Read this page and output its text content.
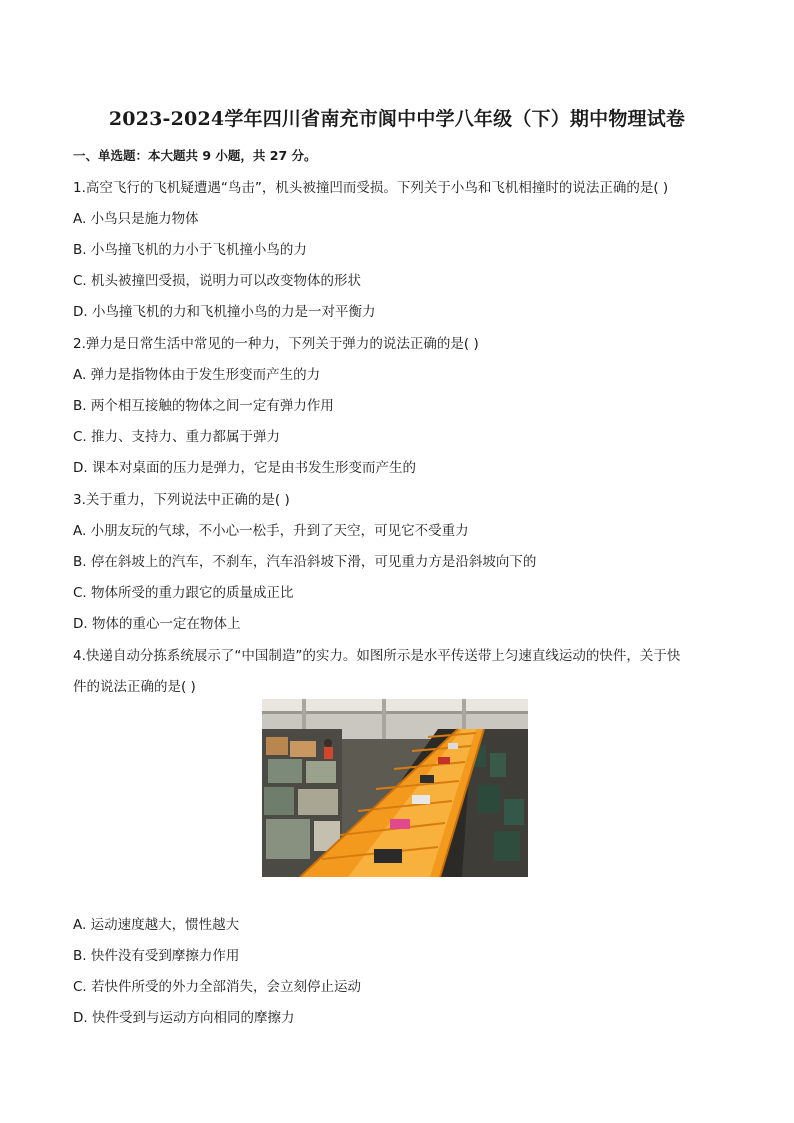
2023-2024学年四川省南充市阆中中学八年级（下）期中物理试卷
一、单选题：本大题共 9 小题，共 27 分。
1.高空飞行的飞机疑遭遇“鸟击”，机头被撞凹而受损。下列关于小鸟和飞机相撞时的说法正确的是( )
A. 小鸟只是施力物体
B. 小鸟撞飞机的力小于飞机撞小鸟的力
C. 机头被撞凹受损，说明力可以改变物体的形状
D. 小鸟撞飞机的力和飞机撞小鸟的力是一对平衡力
2.弹力是日常生活中常见的一种力，下列关于弹力的说法正确的是( )
A. 弹力是指物体由于发生形变而产生的力
B. 两个相互接触的物体之间一定有弹力作用
C. 推力、支持力、重力都属于弹力
D. 课本对桌面的压力是弹力，它是由书发生形变而产生的
3.关于重力，下列说法中正确的是( )
A. 小朋友玩的气球，不小心一松手，升到了天空，可见它不受重力
B. 停在斜坡上的汽车，不刹车，汽车沿斜坡下滑，可见重力方是沿斜坡向下的
C. 物体所受的重力跟它的质量成正比
D. 物体的重心一定在物体上
4.快递自动分拣系统展示了“中国制造”的实力。如图所示是水平传送带上匀速直线运动的快件，关于快
件的说法正确的是( )
A. 运动速度越大，惯性越大
B. 快件没有受到摩擦力作用
C. 若快件所受的外力全部消失，会立刻停止运动
D. 快件受到与运动方向相同的摩擦力
